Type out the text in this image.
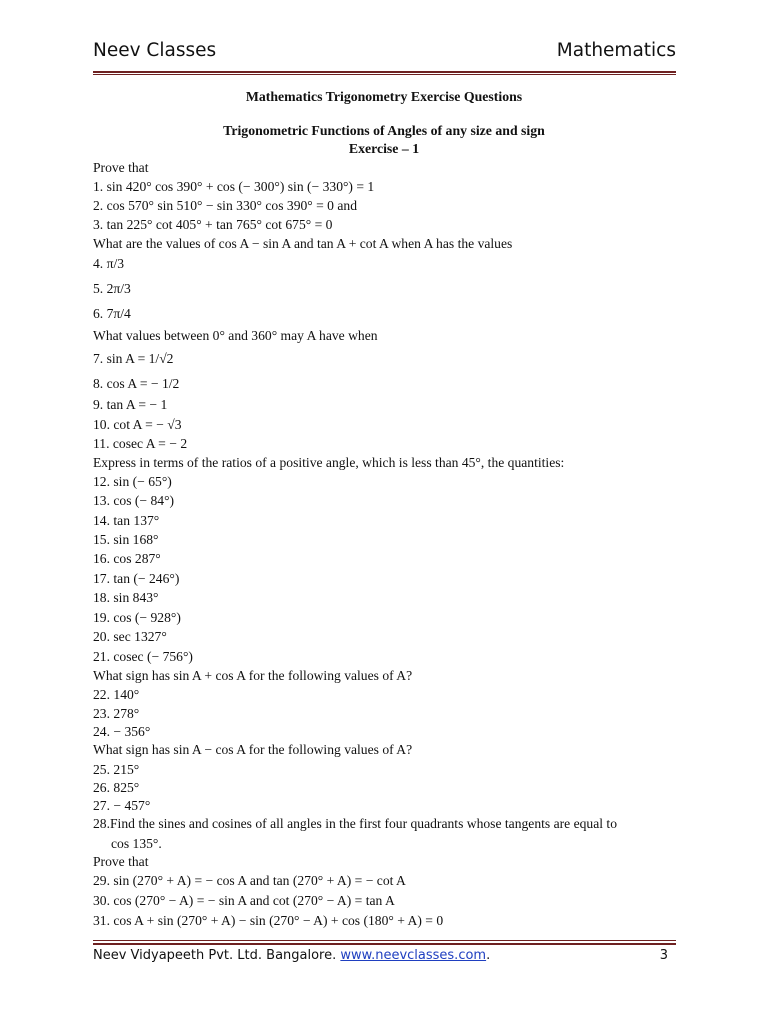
Neev Classes	Mathematics
Mathematics Trigonometry Exercise Questions
Trigonometric Functions of Angles of any size and sign
Exercise – 1
Prove that
1. sin 420° cos 390° + cos (− 300°) sin (− 330°) = 1
2. cos 570° sin 510° − sin 330° cos 390° = 0 and
3. tan 225° cot 405° + tan 765° cot 675° = 0
What are the values of cos A − sin A and tan A + cot A when A has the values
4. π/3
5. 2π/3
6. 7π/4
What values between 0° and 360° may A have when
7. sin A = 1/√2
8. cos A = − 1/2
9. tan A = − 1
10. cot A = − √3
11. cosec A = − 2
Express in terms of the ratios of a positive angle, which is less than 45°, the quantities:
12. sin (− 65°)
13. cos (− 84°)
14. tan 137°
15. sin 168°
16. cos 287°
17. tan (− 246°)
18. sin 843°
19. cos (− 928°)
20. sec 1327°
21. cosec (− 756°)
What sign has sin A + cos A for the following values of A?
22. 140°
23. 278°
24. − 356°
What sign has sin A − cos A for the following values of A?
25. 215°
26. 825°
27. − 457°
28.Find the sines and cosines of all angles in the first four quadrants whose tangents are equal to
cos 135°.
Prove that
29. sin (270° + A) = − cos A and tan (270° + A) = − cot A
30. cos (270° − A) = − sin A and cot (270° − A) = tan A
31. cos A + sin (270° + A) − sin (270° − A) + cos (180° + A) = 0
Neev Vidyapeeth Pvt. Ltd. Bangalore. www.neevclasses.com.	3
